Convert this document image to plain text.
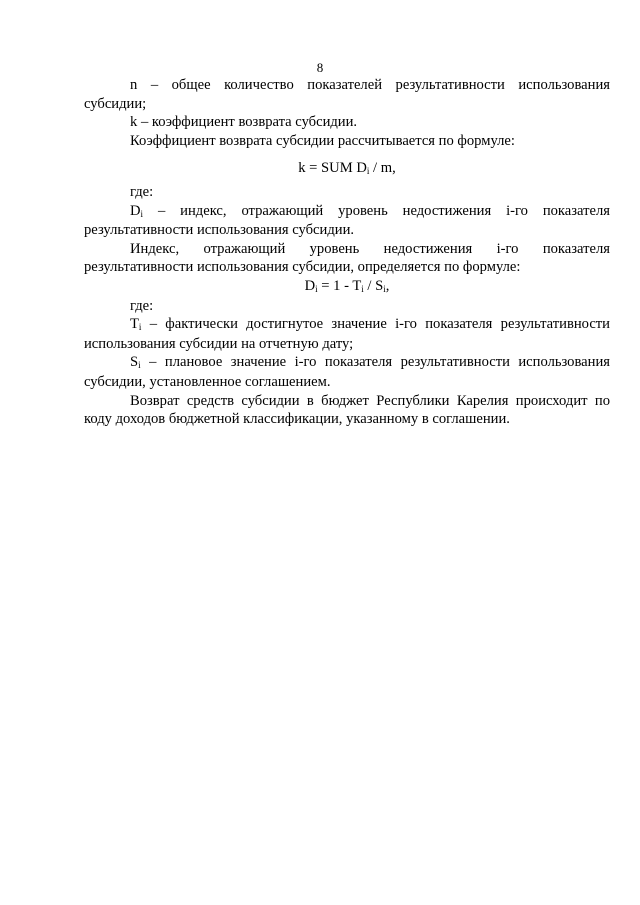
8

n – общее количество показателей результативности использования субсидии;

k – коэффициент возврата субсидии.

Коэффициент возврата субсидии рассчитывается по формуле:

k = SUM $D_i$ / m,

где:

$D_i$ – индекс, отражающий уровень недостижения i-го показателя результативности использования субсидии.

Индекс, отражающий уровень недостижения i-го показателя результативности использования субсидии, определяется по формуле:

$D_i = 1 - T_i / S_i$,

где:

$T_i$ – фактически достигнутое значение i-го показателя результативности использования субсидии на отчетную дату;

$S_i$ – плановое значение i-го показателя результативности использования субсидии, установленное соглашением.

Возврат средств субсидии в бюджет Республики Карелия происходит по коду доходов бюджетной классификации, указанному в соглашении.
